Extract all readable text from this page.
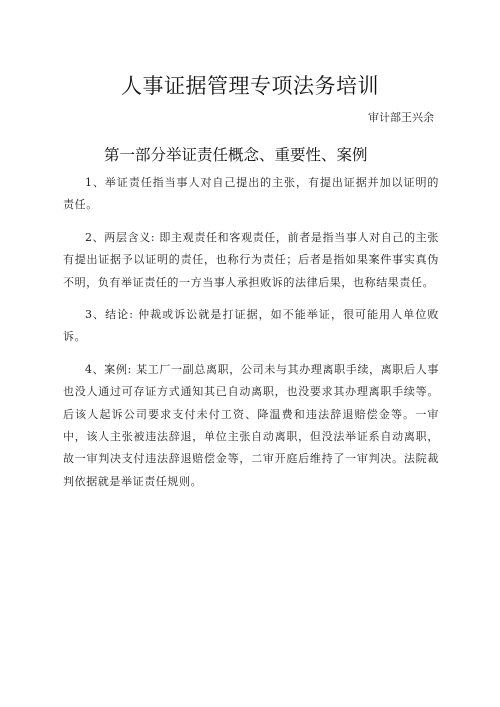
人事证据管理专项法务培训
审计部王兴余
第一部分举证责任概念、重要性、案例

1、举证责任指当事人对自己提出的主张，有提出证据并加以证明的责任。

2、两层含义: 即主观责任和客观责任，前者是指当事人对自己的主张有提出证据予以证明的责任，也称行为责任；后者是指如果案件事实真伪不明，负有举证责任的一方当事人承担败诉的法律后果，也称结果责任。

3、结论: 仲裁或诉讼就是打证据，如不能举证，很可能用人单位败诉。

4、案例: 某工厂一副总离职，公司未与其办理离职手续，离职后人事也没人通过可存证方式通知其已自动离职，也没要求其办理离职手续等。后该人起诉公司要求支付未付工资、降温费和违法辞退赔偿金等。一审中，该人主张被违法辞退，单位主张自动离职，但没法举证系自动离职，故一审判决支付违法辞退赔偿金等，二审开庭后维持了一审判决。法院裁判依据就是举证责任规则。
